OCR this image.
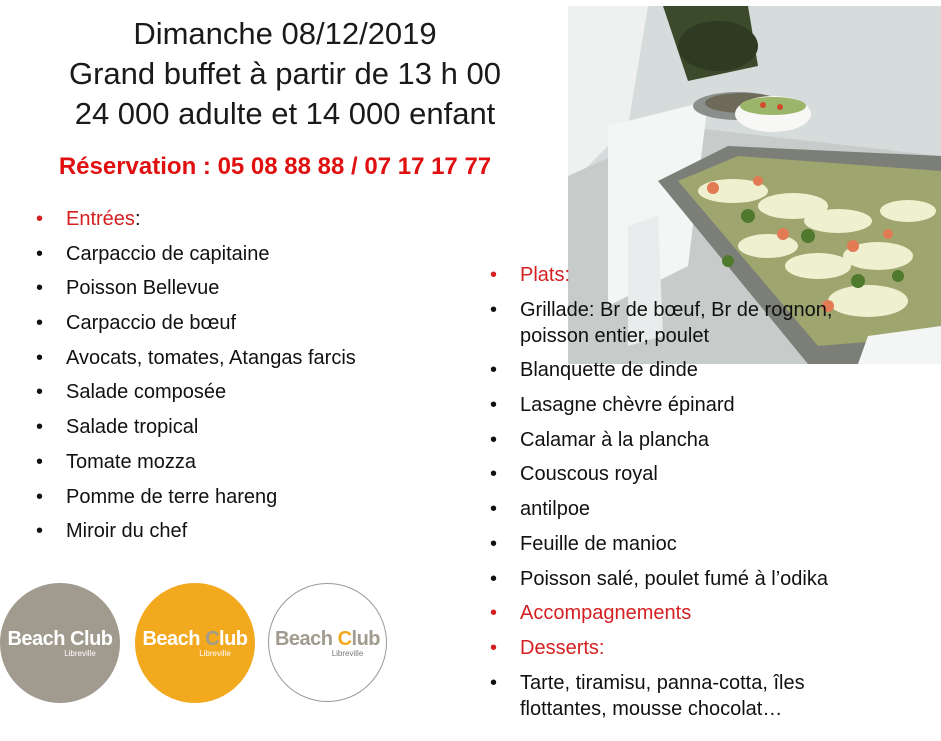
Dimanche 08/12/2019
Grand buffet à partir de 13 h 00
24 000 adulte et 14 000 enfant
Réservation : 05 08 88 88 / 07 17 17 77
• Entrées:
• Carpaccio de capitaine
• Poisson Bellevue
• Carpaccio de bœuf
• Avocats, tomates, Atangas farcis
• Salade composée
• Salade tropical
• Tomate mozza
• Pomme de terre hareng
• Miroir du chef
• Plats:
• Grillade: Br de bœuf, Br de rognon, poisson entier, poulet
• Blanquette de dinde
• Lasagne chèvre épinard
• Calamar à la plancha
• Couscous royal
• antilpoe
• Feuille de manioc
• Poisson salé, poulet fumé à l’odika
• Accompagnements
• Desserts:
• Tarte, tiramisu, panna-cotta, îles flottantes, mousse chocolat…
Beach Club
Libreville
Beach Club
Libreville
Beach Club
Libreville
